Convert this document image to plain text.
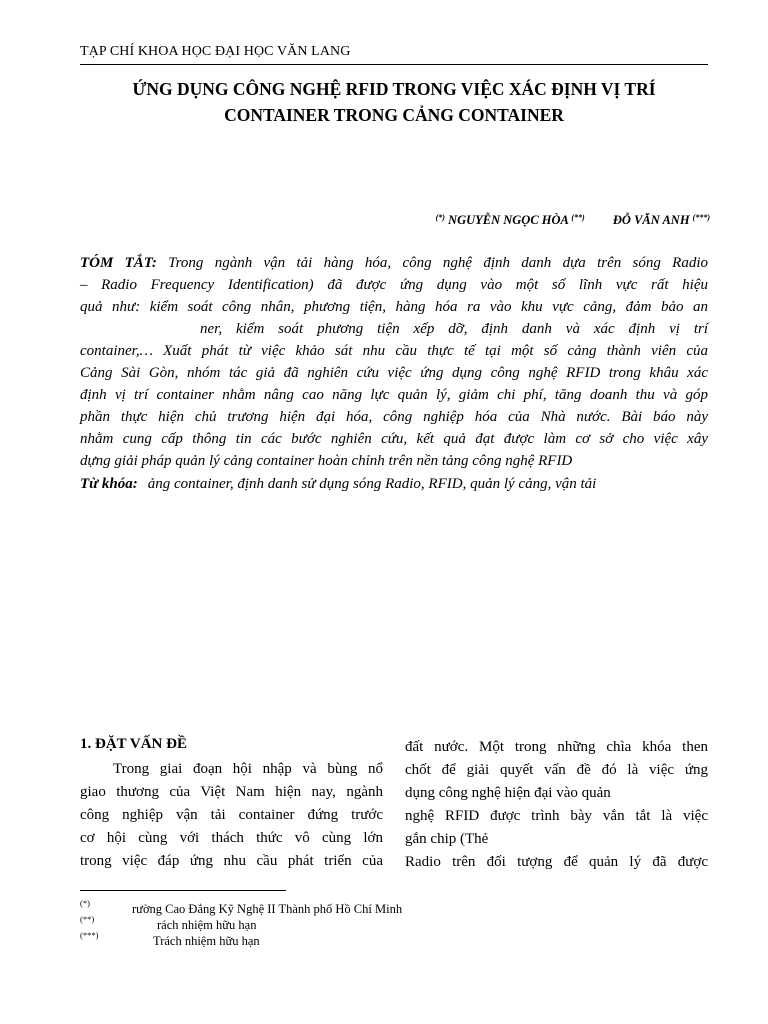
TẠP CHÍ KHOA HỌC ĐẠI HỌC VĂN LANG
ỨNG DỤNG CÔNG NGHỆ RFID TRONG VIỆC XÁC ĐỊNH VỊ TRÍ
CONTAINER TRONG CẢNG CONTAINER
(*) NGUYỄN NGỌC HÒA (**) ĐỖ VĂN ANH (***)
TÓM TẮT: Trong ngành vận tải hàng hóa, công nghệ định danh dựa trên sóng Radio
– Radio Frequency Identification) đã được ứng dụng vào một số lĩnh vực rất hiệu
quả như: kiểm soát công nhân, phương tiện, hàng hóa ra vào khu vực cảng, đảm bảo an
ner, kiểm soát phương tiện xếp dỡ, định danh và xác định vị trí
container,… Xuất phát từ việc khảo sát nhu cầu thực tế tại một số cảng thành viên của
Cảng Sài Gòn, nhóm tác giả đã nghiên cứu việc ứng dụng công nghệ RFID trong khâu xác
định vị trí container nhằm nâng cao năng lực quản lý, giảm chi phí, tăng doanh thu và góp
phần thực hiện chủ trương hiện đại hóa, công nghiệp hóa của Nhà nước. Bài báo này
nhằm cung cấp thông tin các bước nghiên cứu, kết quả đạt được làm cơ sở cho việc xây
dựng giải pháp quản lý cảng container hoàn chỉnh trên nền tảng công nghệ RFID
Từ khóa: ảng container, định danh sử dụng sóng Radio, RFID, quản lý cảng, vận tải
1. ĐẶT VẤN ĐỀ
Trong giai đoạn hội nhập và bùng nổ
giao thương của Việt Nam hiện nay, ngành
công nghiệp vận tải container đứng trước
cơ hội cùng với thách thức vô cùng lớn
trong việc đáp ứng nhu cầu phát triển của
đất nước. Một trong những chìa khóa then
chốt để giải quyết vấn đề đó là việc ứng
dụng công nghệ hiện đại vào quản
nghệ RFID được trình bày vắn tắt là việc
gắn chip (Thẻ
Radio trên đối tượng để quản lý đã được
(*)	rường Cao Đẳng Kỹ Nghệ II Thành phố Hồ Chí Minh
(**)	rách nhiệm hữu hạn
(***)	Trách nhiệm hữu hạn
